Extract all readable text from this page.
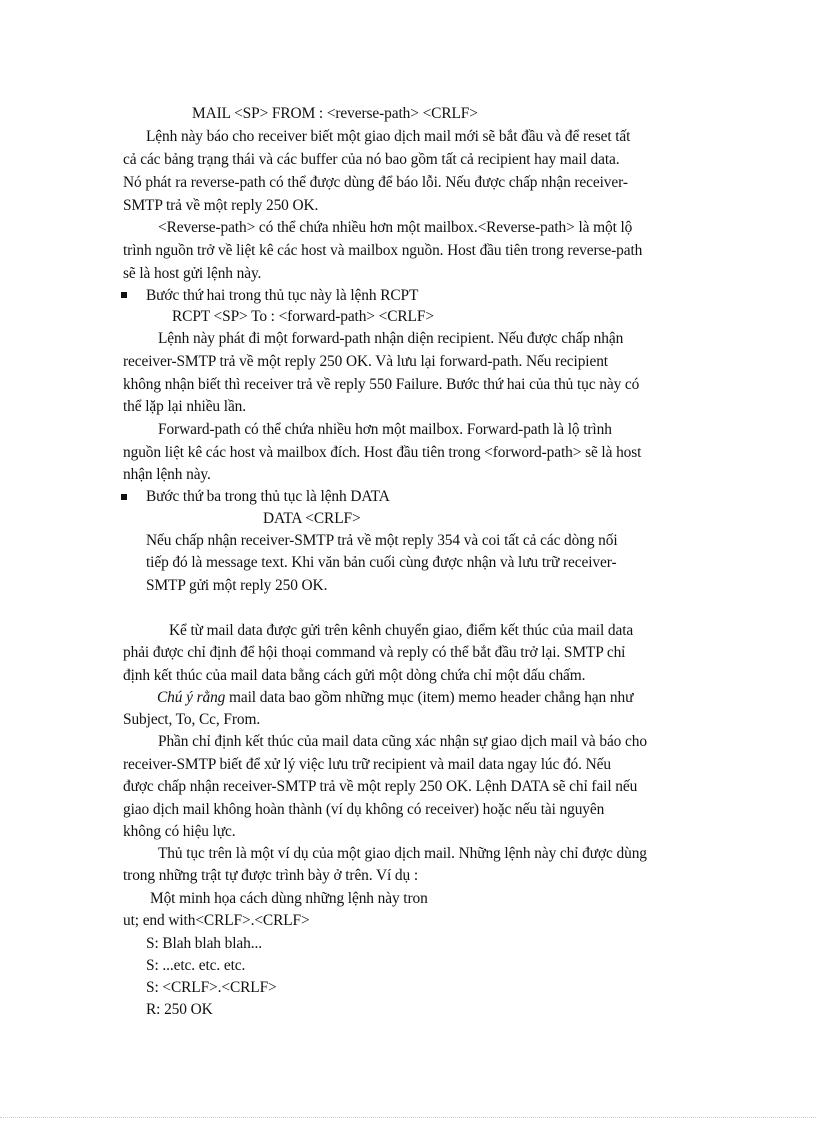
MAIL <SP> FROM : <reverse-path> <CRLF>
Lệnh này báo cho receiver biết một giao dịch mail mới sẽ bắt đầu và để reset tất
cả các bảng trạng thái và các buffer của nó bao gồm tất cả recipient hay mail data.
Nó phát ra reverse-path có thể được dùng để báo lỗi. Nếu được chấp nhận receiver-
SMTP trả về một reply 250 OK.
<Reverse-path> có thể chứa nhiều hơn một mailbox.<Reverse-path> là một lộ
trình nguồn trở về liệt kê các host và mailbox nguồn. Host đầu tiên trong reverse-path
sẽ là host gửi lệnh này.
Bước thứ hai trong thủ tục này là lệnh RCPT
RCPT <SP> To : <forward-path> <CRLF>
Lệnh này phát đi một forward-path nhận diện recipient. Nếu được chấp nhận
receiver-SMTP trả về một reply 250 OK. Và lưu lại forward-path. Nếu recipient
không nhận biết thì receiver trả về reply 550 Failure. Bước thứ hai của thủ tục này có
thể lặp lại nhiều lần.
Forward-path có thể chứa nhiều hơn một mailbox. Forward-path là lộ trình
nguồn liệt kê các host và mailbox đích. Host đầu tiên trong <forword-path> sẽ là host
nhận lệnh này.
Bước thứ ba trong thủ tục là lệnh DATA
DATA <CRLF>
Nếu chấp nhận receiver-SMTP trả về một reply 354 và coi tất cả các dòng nối
tiếp đó là message text. Khi văn bản cuối cùng được nhận và lưu trữ receiver-
SMTP gửi một reply 250 OK.
Kể từ mail data được gửi trên kênh chuyển giao, điểm kết thúc của mail data
phải được chỉ định để hội thoại command và reply có thể bắt đầu trở lại. SMTP chỉ
định kết thúc của mail data bằng cách gửi một dòng chứa chỉ một dấu chấm.
Chú ý rằng mail data bao gồm những mục (item) memo header chẳng hạn như
Subject, To, Cc, From.
Phần chỉ định kết thúc của mail data cũng xác nhận sự giao dịch mail và báo cho
receiver-SMTP biết để xử lý việc lưu trữ recipient và mail data ngay lúc đó. Nếu
được chấp nhận receiver-SMTP trả về một reply 250 OK. Lệnh DATA sẽ chỉ fail nếu
giao dịch mail không hoàn thành (ví dụ không có receiver) hoặc nếu tài nguyên
không có hiệu lực.
Thủ tục trên là một ví dụ của một giao dịch mail. Những lệnh này chỉ được dùng
trong những trật tự được trình bày ở trên. Ví dụ :
Một minh họa cách dùng những lệnh này tron
ut; end with<CRLF>.<CRLF>
S: Blah blah blah...
S: ...etc. etc. etc.
S: <CRLF>.<CRLF>
R: 250 OK
